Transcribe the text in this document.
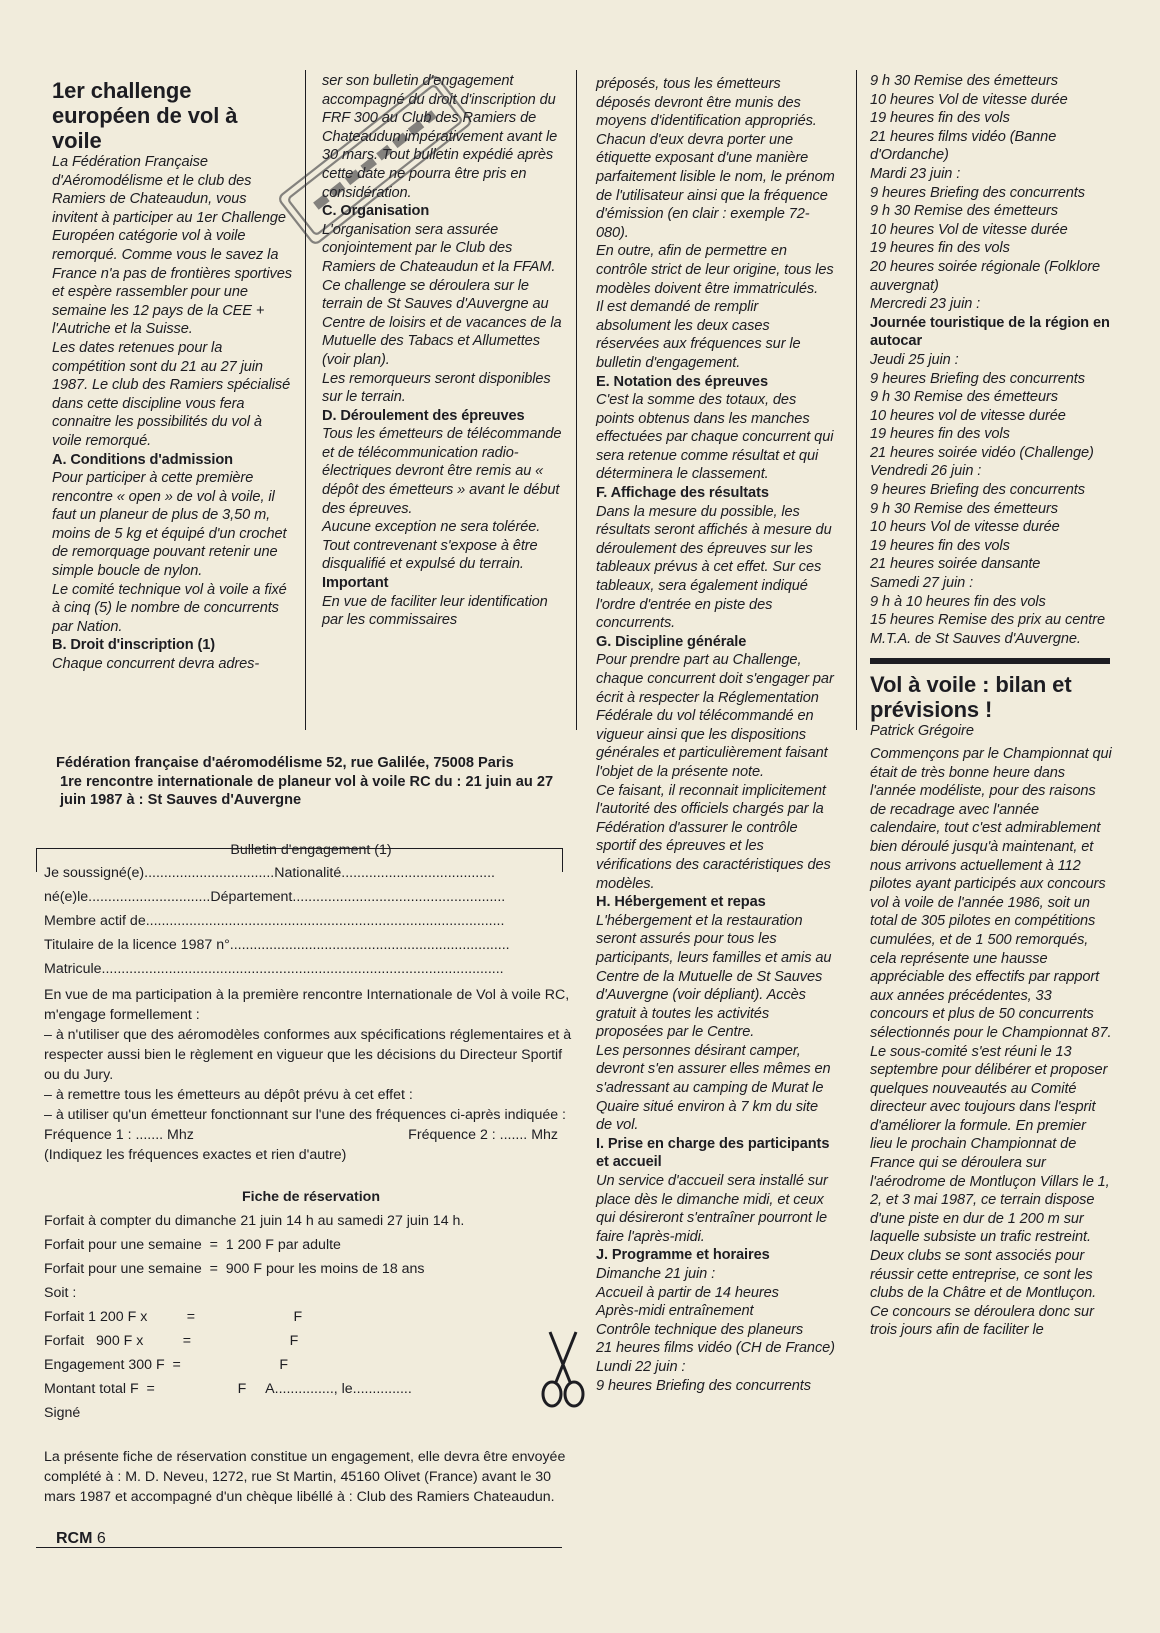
1er challenge européen de vol à voile

La Fédération Française d'Aéromodélisme et le club des Ramiers de Chateaudun, vous invitent à participer au 1er Challenge Européen catégorie vol à voile remorqué. Comme vous le savez la France n'a pas de frontières sportives et espère rassembler pour une semaine les 12 pays de la CEE + l'Autriche et la Suisse.

Les dates retenues pour la compétition sont du 21 au 27 juin 1987. Le club des Ramiers spécialisé dans cette discipline vous fera connaitre les possibilités du vol à voile remorqué.

A. Conditions d'admission

Pour participer à cette première rencontre « open » de vol à voile, il faut un planeur de plus de 3,50 m, moins de 5 kg et équipé d'un crochet de remorquage pouvant retenir une simple boucle de nylon.

Le comité technique vol à voile a fixé à cinq (5) le nombre de concurrents par Nation.

B. Droit d'inscription (1)

Chaque concurrent devra adres-

ser son bulletin d'engagement accompagné du droit d'inscription du FRF 300 au Club des Ramiers de Chateaudun impérativement avant le 30 mars. Tout bulletin expédié après cette date ne pourra être pris en considération.

C. Organisation

L'organisation sera assurée conjointement par le Club des Ramiers de Chateaudun et la FFAM.

Ce challenge se déroulera sur le terrain de St Sauves d'Auvergne au Centre de loisirs et de vacances de la Mutuelle des Tabacs et Allumettes (voir plan).

Les remorqueurs seront disponibles sur le terrain.

D. Déroulement des épreuves

Tous les émetteurs de télécommande et de télécommunication radio-électriques devront être remis au « dépôt des émetteurs » avant le début des épreuves.

Aucune exception ne sera tolérée. Tout contrevenant s'expose à être disqualifié et expulsé du terrain.

Important

En vue de faciliter leur identification par les commissaires

préposés, tous les émetteurs déposés devront être munis des moyens d'identification appropriés. Chacun d'eux devra porter une étiquette exposant d'une manière parfaitement lisible le nom, le prénom de l'utilisateur ainsi que la fréquence d'émission (en clair : exemple 72-080).

En outre, afin de permettre en contrôle strict de leur origine, tous les modèles doivent être immatriculés.

Il est demandé de remplir absolument les deux cases réservées aux fréquences sur le bulletin d'engagement.

E. Notation des épreuves

C'est la somme des totaux, des points obtenus dans les manches effectuées par chaque concurrent qui sera retenue comme résultat et qui déterminera le classement.

F. Affichage des résultats

Dans la mesure du possible, les résultats seront affichés à mesure du déroulement des épreuves sur les tableaux prévus à cet effet. Sur ces tableaux, sera également indiqué l'ordre d'entrée en piste des concurrents.

G. Discipline générale

Pour prendre part au Challenge, chaque concurrent doit s'engager par écrit à respecter la Réglementation Fédérale du vol télécommandé en vigueur ainsi que les dispositions générales et particulièrement faisant l'objet de la présente note.

Ce faisant, il reconnait implicitement l'autorité des officiels chargés par la Fédération d'assurer le contrôle sportif des épreuves et les vérifications des caractéristiques des modèles.

H. Hébergement et repas

L'hébergement et la restauration seront assurés pour tous les participants, leurs familles et amis au Centre de la Mutuelle de St Sauves d'Auvergne (voir dépliant). Accès gratuit à toutes les activités proposées par le Centre.

Les personnes désirant camper, devront s'en assurer elles mêmes en s'adressant au camping de Murat le Quaire situé environ à 7 km du site de vol.

I. Prise en charge des participants et accueil

Un service d'accueil sera installé sur place dès le dimanche midi, et ceux qui désireront s'entraîner pourront le faire l'après-midi.

J. Programme et horaires

Dimanche 21 juin :

Accueil à partir de 14 heures

Après-midi entraînement

Contrôle technique des planeurs

21 heures films vidéo (CH de France)

Lundi 22 juin :

9 heures Briefing des concurrents

9 h 30 Remise des émetteurs

10 heures Vol de vitesse durée

19 heures fin des vols

21 heures films vidéo (Banne d'Ordanche)

Mardi 23 juin :

9 heures Briefing des concurrents

9 h 30 Remise des émetteurs

10 heures Vol de vitesse durée

19 heures fin des vols

20 heures soirée régionale (Folklore auvergnat)

Mercredi 23 juin :

Journée touristique de la région en autocar

Jeudi 25 juin :

9 heures Briefing des concurrents

9 h 30 Remise des émetteurs

10 heures vol de vitesse durée

19 heures fin des vols

21 heures soirée vidéo (Challenge)

Vendredi 26 juin :

9 heures Briefing des concurrents

9 h 30 Remise des émetteurs

10 heurs Vol de vitesse durée

19 heures fin des vols

21 heures soirée dansante

Samedi 27 juin :

9 h à 10 heures fin des vols

15 heures Remise des prix au centre M.T.A. de St Sauves d'Auvergne.

Vol à voile : bilan et prévisions !

Patrick Grégoire

Commençons par le Championnat qui était de très bonne heure dans l'année modéliste, pour des raisons de recadrage avec l'année calendaire, tout c'est admirablement bien déroulé jusqu'à maintenant, et nous arrivons actuellement à 112 pilotes ayant participés aux concours vol à voile de l'année 1986, soit un total de 305 pilotes en compétitions cumulées, et de 1 500 remorqués, cela représente une hausse appréciable des effectifs par rapport aux années précédentes, 33 concours et plus de 50 concurrents sélectionnés pour le Championnat 87.

Le sous-comité s'est réuni le 13 septembre pour délibérer et proposer quelques nouveautés au Comité directeur avec toujours dans l'esprit d'améliorer la formule. En premier lieu le prochain Championnat de France qui se déroulera sur l'aérodrome de Montluçon Villars le 1, 2, et 3 mai 1987, ce terrain dispose d'une piste en dur de 1 200 m sur laquelle subsiste un trafic restreint. Deux clubs se sont associés pour réussir cette entreprise, ce sont les clubs de la Châtre et de Montluçon. Ce concours se déroulera donc sur trois jours afin de faciliter le

Fédération française d'aéromodélisme 52, rue Galilée, 75008 Paris

1re rencontre internationale de planeur vol à voile RC du : 21 juin au 27 juin 1987 à : St Sauves d'Auvergne

Bulletin d'engagement (1)

Je soussigné(e).................................Nationalité.......................................

né(e)le...............................Département......................................................

Membre actif de...........................................................................................

Titulaire de la licence 1987 n°.......................................................................

Matricule......................................................................................................

En vue de ma participation à la première rencontre Internationale de Vol à voile RC, m'engage formellement :

– à n'utiliser que des aéromodèles conformes aux spécifications réglementaires et à respecter aussi bien le règlement en vigueur que les décisions du Directeur Sportif ou du Jury.

– à remettre tous les émetteurs au dépôt prévu à cet effet :

– à utiliser qu'un émetteur fonctionnant sur l'une des fréquences ci-après indiquée :

Fréquence 1 : ....... Mhz	Fréquence 2 : ....... Mhz

(Indiquez les fréquences exactes et rien d'autre)

Fiche de réservation

Forfait à compter du dimanche 21 juin 14 h au samedi 27 juin 14 h.

Forfait pour une semaine  =  1 200 F par adulte

Forfait pour une semaine  =  900 F pour les moins de 18 ans

Soit :

Forfait 1 200 F x          =                         F

Forfait   900 F x          =                         F

Engagement 300 F  =                         F

Montant total F  =                     F     A..............., le...............

Signé

La présente fiche de réservation constitue un engagement, elle devra être envoyée complété à : M. D. Neveu, 1272, rue St Martin, 45160 Olivet (France) avant le 30 mars 1987 et accompagné d'un chèque libéllé à : Club des Ramiers Chateaudun.

RCM 6
